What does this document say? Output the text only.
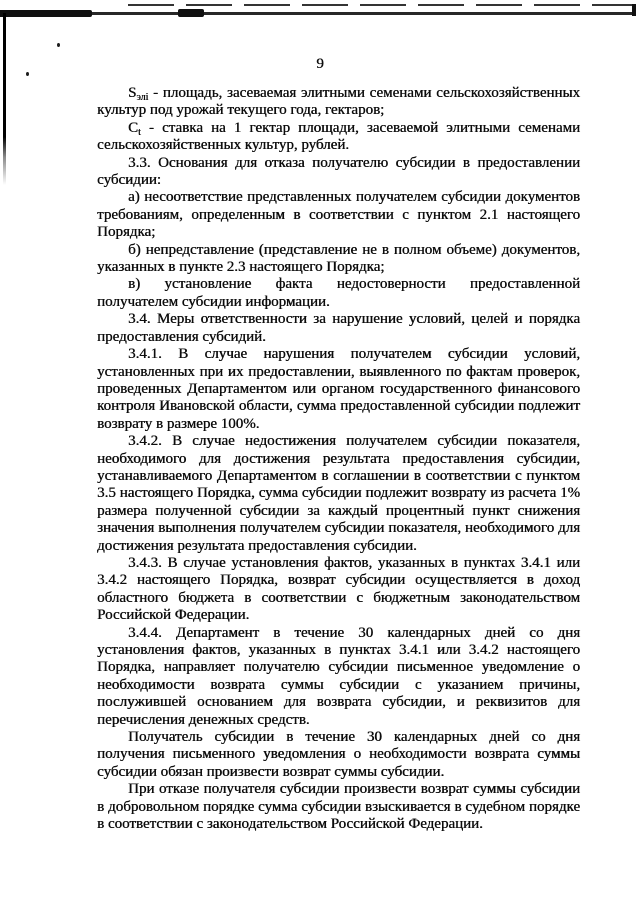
9

$S_{элi}$ - площадь, засеваемая элитными семенами сельскохозяйственных культур под урожай текущего года, гектаров;

$С_t$ - ставка на 1 гектар площади, засеваемой элитными семенами сельскохозяйственных культур, рублей.

3.3. Основания для отказа получателю субсидии в предоставлении субсидии:

а) несоответствие представленных получателем субсидии документов требованиям, определенным в соответствии с пунктом 2.1 настоящего Порядка;

б) непредставление (представление не в полном объеме) документов, указанных в пункте 2.3 настоящего Порядка;

в) установление факта недостоверности предоставленной получателем субсидии информации.

3.4. Меры ответственности за нарушение условий, целей и порядка предоставления субсидий.

3.4.1. В случае нарушения получателем субсидии условий, установленных при их предоставлении, выявленного по фактам проверок, проведенных Департаментом или органом государственного финансового контроля Ивановской области, сумма предоставленной субсидии подлежит возврату в размере 100%.

3.4.2. В случае недостижения получателем субсидии показателя, необходимого для достижения результата предоставления субсидии, устанавливаемого Департаментом в соглашении в соответствии с пунктом 3.5 настоящего Порядка, сумма субсидии подлежит возврату из расчета 1% размера полученной субсидии за каждый процентный пункт снижения значения выполнения получателем субсидии показателя, необходимого для достижения результата предоставления субсидии.

3.4.3. В случае установления фактов, указанных в пунктах 3.4.1 или 3.4.2 настоящего Порядка, возврат субсидии осуществляется в доход областного бюджета в соответствии с бюджетным законодательством Российской Федерации.

3.4.4. Департамент в течение 30 календарных дней со дня установления фактов, указанных в пунктах 3.4.1 или 3.4.2 настоящего Порядка, направляет получателю субсидии письменное уведомление о необходимости возврата суммы субсидии с указанием причины, послужившей основанием для возврата субсидии, и реквизитов для перечисления денежных средств.

Получатель субсидии в течение 30 календарных дней со дня получения письменного уведомления о необходимости возврата суммы субсидии обязан произвести возврат суммы субсидии.

При отказе получателя субсидии произвести возврат суммы субсидии в добровольном порядке сумма субсидии взыскивается в судебном порядке в соответствии с законодательством Российской Федерации.
